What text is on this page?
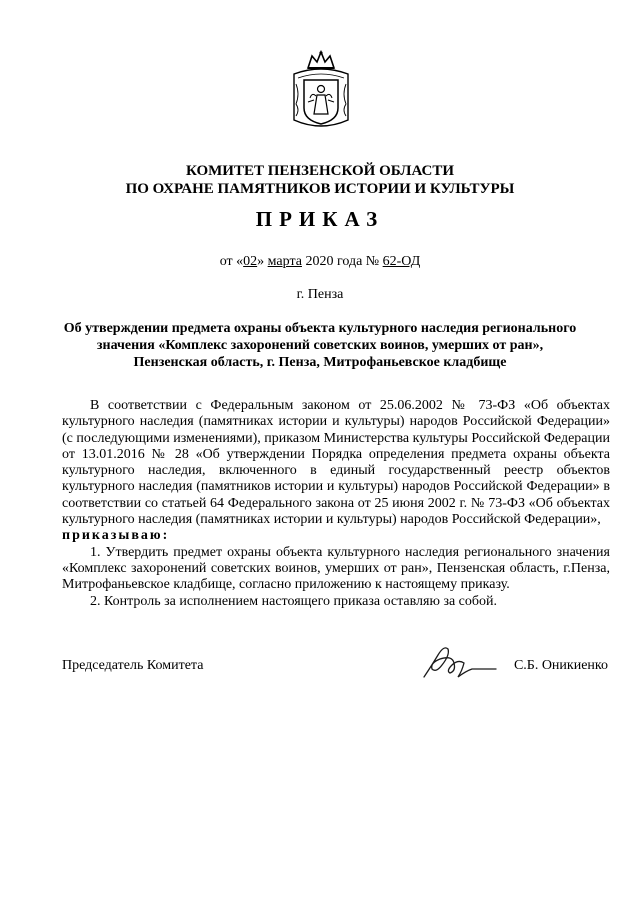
КОМИТЕТ ПЕНЗЕНСКОЙ ОБЛАСТИ
ПО ОХРАНЕ ПАМЯТНИКОВ ИСТОРИИ И КУЛЬТУРЫ
ПРИКАЗ
от «02» марта 2020 года № 62-ОД
г. Пенза
Об утверждении предмета охраны объекта культурного наследия регионального
значения «Комплекс захоронений советских воинов, умерших от ран»,
Пензенская область, г. Пенза, Митрофаньевское кладбище

В соответствии с Федеральным законом от 25.06.2002 № 73-ФЗ «Об объектах культурного наследия (памятниках истории и культуры) народов Российской Федерации» (с последующими изменениями), приказом Министерства культуры Российской Федерации от 13.01.2016 № 28 «Об утверждении Порядка определения предмета охраны объекта культурного наследия, включенного в единый государственный реестр объектов культурного наследия (памятников истории и культуры) народов Российской Федерации» в соответствии со статьей 64 Федерального закона от 25 июня 2002 г. № 73-ФЗ «Об объектах культурного наследия (памятниках истории и культуры) народов Российской Федерации»,

приказываю:

1. Утвердить предмет охраны объекта культурного наследия регионального значения «Комплекс захоронений советских воинов, умерших от ран», Пензенская область, г.Пенза, Митрофаньевское кладбище, согласно приложению к настоящему приказу.

2. Контроль за исполнением настоящего приказа оставляю за собой.

Председатель Комитета	С.Б. Оникиенко
